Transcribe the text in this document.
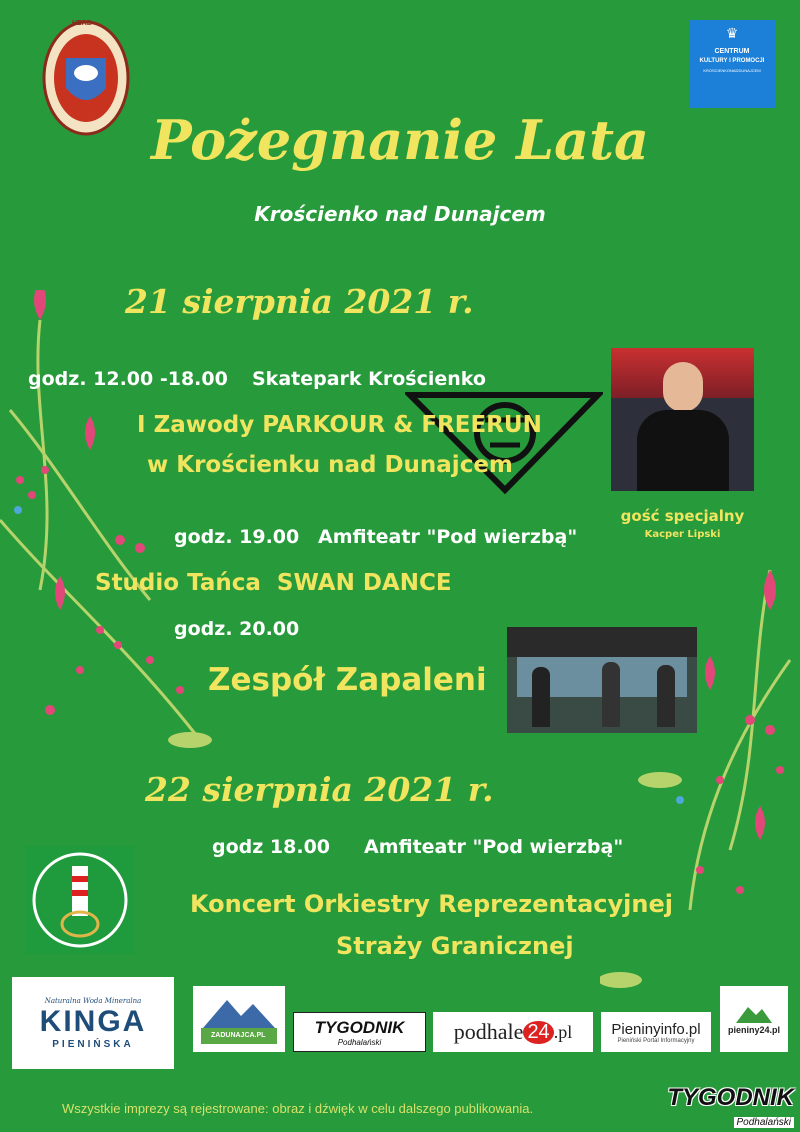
HERB
♛
CENTRUM
KULTURY I PROMOCJI
KROSCIENKONADDUNAJCEM
Pożegnanie Lata
Krościenko nad Dunajcem
21 sierpnia 2021 r.
godz. 12.00 -18.00 Skatepark Krościenko
I Zawody PARKOUR & FREERUN
w Krościenku nad Dunajcem
gość specjalny
Kacper Lipski
godz. 19.00 Amfiteatr "Pod wierzbą"
Studio Tańca  SWAN DANCE
godz. 20.00
Zespół Zapaleni
22 sierpnia 2021 r.
godz 18.00 Amfiteatr "Pod wierzbą"
Koncert Orkiestry Reprezentacyjnej
Straży Granicznej
Naturalna Woda Mineralna
KINGA
PIENIŃSKA
ZADUNAJCA.PL	TYGODNIK
Podhalański	podhale 24 .pl	Pieninyinfo.pl
Pieniński Portal Informacyjny
pieniny24.pl
Wszystkie imprezy są rejestrowane: obraz i dźwięk w celu dalszego publikowania.	TYGODNIK
Podhalański
